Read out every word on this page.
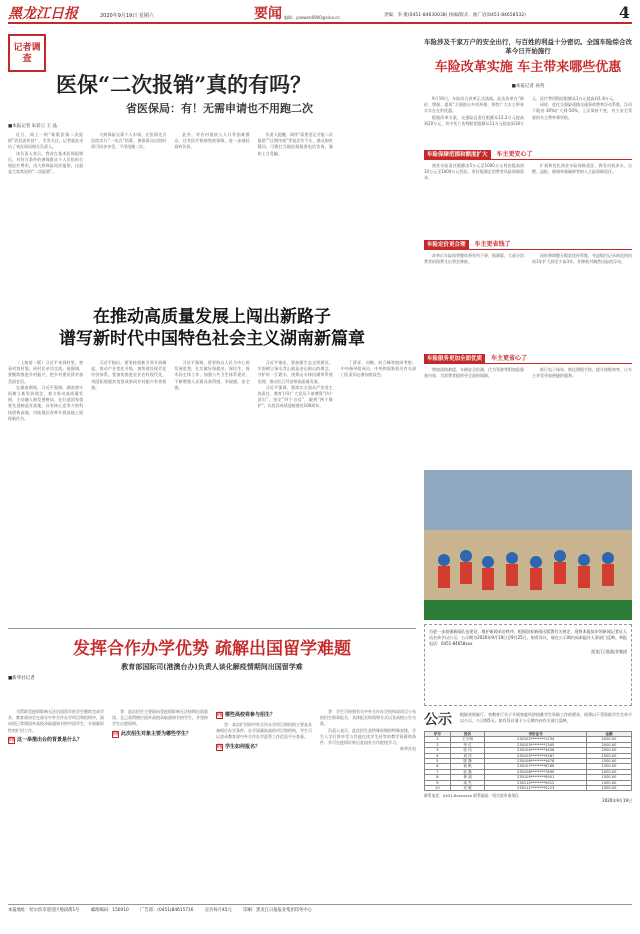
黑龙江日报	2020年9月19日 星期六	要闻 编辑：yaowen6900@sina.cn	责编：李 航(0451-84630038) 执编/版式：曲广岩(0451-84658532)	4
记者调查
医保“二次报销”真的有吗？
省医保局：有！无需申请也不用跑二次
■本报记者 朱彩云 王 晶

近日，网上一则“新版医保二次报销”消息流传甚广，引发关注。记者就此采访了省医保局相关负责人。

该负责人表示，我省在基本医保报销后，对符合条件的参保群众个人负担的合规医疗费用，由大病保险再次报销，这就是大家常说的“二次报销”。

大病保险无需个人申请，在医保定点医院实行“一站式”结算，参保群众出院时即可同步享受，不用再跑二次。

此外，对农村低收入人口等困难群众，还有医疗救助兜底保障，进一步减轻看病负担。

负责人提醒，网传“需要登记才能二次报销”“过期作废”等说法均不实，群众如有疑问，可拨打当地医保服务电话咨询，谨防上当受骗。

车险涉及千家万户的安全出行，与百姓的利益十分密切。全国车险综合改革今日开始施行
车险改革实施 车主带来哪些优惠
■本报记者 孙英

9月19日，车险综合改革正式落地。此次改革在“降价、增保、提质”方面推出多项举措，将给广大车主带来实实在在的优惠。

根据改革方案，交强险总责任限额从12.2万元提高到20万元，其中死亡伤残赔偿限额从11万元提高到18万元，医疗费用赔偿限额从1万元提高到1.8万元。

同时，优化交强险道路交通事故费率浮动系数，浮动下限由-30%扩大到-50%，上浮保持不变，对于安全驾驶的车主费率将更低。

车险保障范围和额度扩大	车主更安心了

商业车险责任限额由5万元至1000万元档次提高到10万元至1000万元档次，更好地满足消费者风险保障需求。

扩展和优化商业车险保障责任，将发动机涉水、自燃、盗抢、玻璃单独破碎等纳入主险保障责任。

车险定价更合理	车主更省钱了

改革后车险保费整体将有所下降，据测算，大部分消费者的保费支出将会降低。

同时将调整无赔款优待系数，考虑赔付记录的范围由前1年扩大到至少前3年，并降低对偶然出险的浮动。

在推动高质量发展上闯出新路子
谱写新时代中国特色社会主义湖南新篇章
车险服务更加全面优质	车主更省心了

增加道路救援、车辆安全检测、代为驾驶等附加险服务内容，为消费者提供更全面的保障。

推行电子保单，简化理赔手续，提升理赔效率，让车主享受更加便捷的服务。

（上接第一版）习近平来到村里，察看村容村貌，同村民亲切交流。他强调，要继续推进乡村振兴，把乡村建设得更加美丽宜居。

在湖南期间，习近平强调，湖南要牢固树立新发展理念，着力推动高质量发展，主动融入新发展格局，在打造国家重要先进制造业高地、具有核心竞争力的科技创新高地、内陆地区改革开放高地上展现新作为。

习近平指出，要坚持创新引领开放崛起，推动产业优化升级，加快建设现代化经济体系。要加快推进农业农村现代化，巩固拓展脱贫攻坚成果同乡村振兴有效衔接。

习近平强调，要坚持以人民为中心的发展思想，扎实做好保就业、保民生、保市场主体工作，加强公共卫生体系建设，不断增强人民群众获得感、幸福感、安全感。

习近平指出，要加强生态文明建设，牢固树立绿水青山就是金山银山的理念，守护好一江碧水，统筹山水林田湖草系统治理，推动长江经济带高质量发展。

习近平强调，要落实全面从严治党主体责任，教育引导广大党员干部增强“四个意识”、坚定“四个自信”、做到“两个维护”，以优异成绩迎接建党100周年。

丁薛祥、刘鹤、何立峰等陪同考察。中央指导组成员、中央和国家机关有关部门负责同志参加座谈会。

发挥合作办学优势 疏解出国留学难题
教育部国际司(港澳台办)负责人谈化解疫情期间出国留学难
■新华社记者

为帮助受疫情影响无法出国留学的学生继续完成学业，教育部决定在部分中外合作办学项目和机构中，面向原已拿到国外高校录取通知书的中国学生，开展临时性的扩招工作。

问 这一举措出台的背景是什么？

答：此次招生主要面向受疫情影响无法按期出国就读、且已获得相应国外高校录取通知书的学生，并坚持学生自愿原则。

问 此次招生对象主要为哪些学生？
问 哪些高校将参与招生？

答：本次扩招的中外合作办学项目和机构主要是具备相应办学条件、办学质量较高的项目和机构，学生可以登录教育部中外合作办学监管工作信息平台查看。

问 学生如何报名？

答：学生可按照有关中外合作办学机构或项目公布的招生简章报名，具体报名时间和方式以各高校公告为准。

负责人表示，此次招生是特殊时期的特殊安排，学生入学后将享受与其他在读学生同等的教学资源和条件，并可在疫情好转后赴国外合作院校学习。

新华社电

为进一步加强新闻队伍建设，维护新闻采访秩序，根据国家新闻出版署有关规定，现将本报拟申领新闻记者证人员名单予以公示，公示期为2020年9月19日至9月25日。如有异议，请在公示期内向本报社人事部门反映。举报电话：0451-84658xxx
黑龙江日报报业集团
公示	根据省财政厅、省教育厅关于开展家庭经济困难学生资助工作的要求，现将以下受资助学生名单予以公示，公示期5天。如有异议请于公示期内向有关部门反映。
序号	姓名	身份证号	金额
1	王小明	230102********1234	2000.00
2	李 红	230103********2345	2000.00
3	张 伟	230104********3456	2000.00
4	刘 洋	230105********4567	1500.00
5	陈 静	230106********5678	1500.00
6	杨 帆	230107********6789	1500.00
7	赵 磊	230108********7890	1000.00
8	黄 丽	230109********8901	1000.00
9	周 杰	230110********9012	1000.00
10	吴 敏	230111********0123	1000.00
联系电话：0451-8xxxxxxx 联系地址：哈尔滨市南岗区
2020年9月19日
本报地址：哈尔滨市道里区地段街1号	邮政编码：150010	广告部：(0451)84615716	定价每月45元	印刷：黑龙江日报报业集团印务中心
